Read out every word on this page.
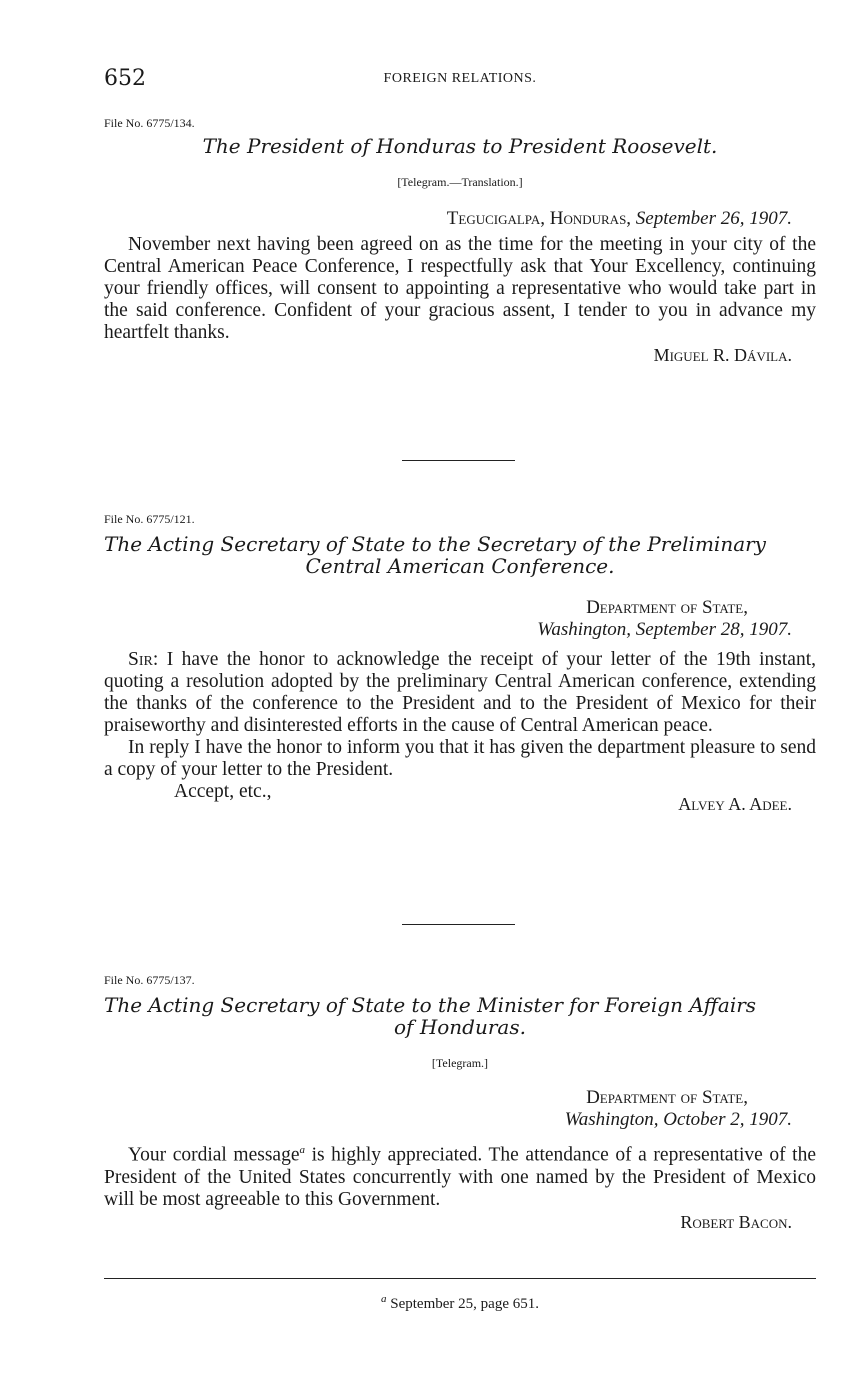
652	FOREIGN RELATIONS.

File No. 6775/134.

The President of Honduras to President Roosevelt.

[Telegram.—Translation.]

Tegucigalpa, Honduras, September 26, 1907.

November next having been agreed on as the time for the meeting in your city of the Central American Peace Conference, I respectfully ask that Your Excellency, continuing your friendly offices, will consent to appointing a representative who would take part in the said conference. Confident of your gracious assent, I tender to you in advance my heartfelt thanks.

Miguel R. Dávila.

File No. 6775/121.

The Acting Secretary of State to the Secretary of the Preliminary

Central American Conference.

Department of State,

Washington, September 28, 1907.

Sir: I have the honor to acknowledge the receipt of your letter of the 19th instant, quoting a resolution adopted by the preliminary Central American conference, extending the thanks of the conference to the President and to the President of Mexico for their praiseworthy and disinterested efforts in the cause of Central American peace.

In reply I have the honor to inform you that it has given the department pleasure to send a copy of your letter to the President.

Accept, etc.,

Alvey A. Adee.

File No. 6775/137.

The Acting Secretary of State to the Minister for Foreign Affairs

of Honduras.

[Telegram.]

Department of State,

Washington, October 2, 1907.

Your cordial message$^a$ is highly appreciated. The attendance of a representative of the President of the United States concurrently with one named by the President of Mexico will be most agreeable to this Government.

Robert Bacon.

$^a$ September 25, page 651.
